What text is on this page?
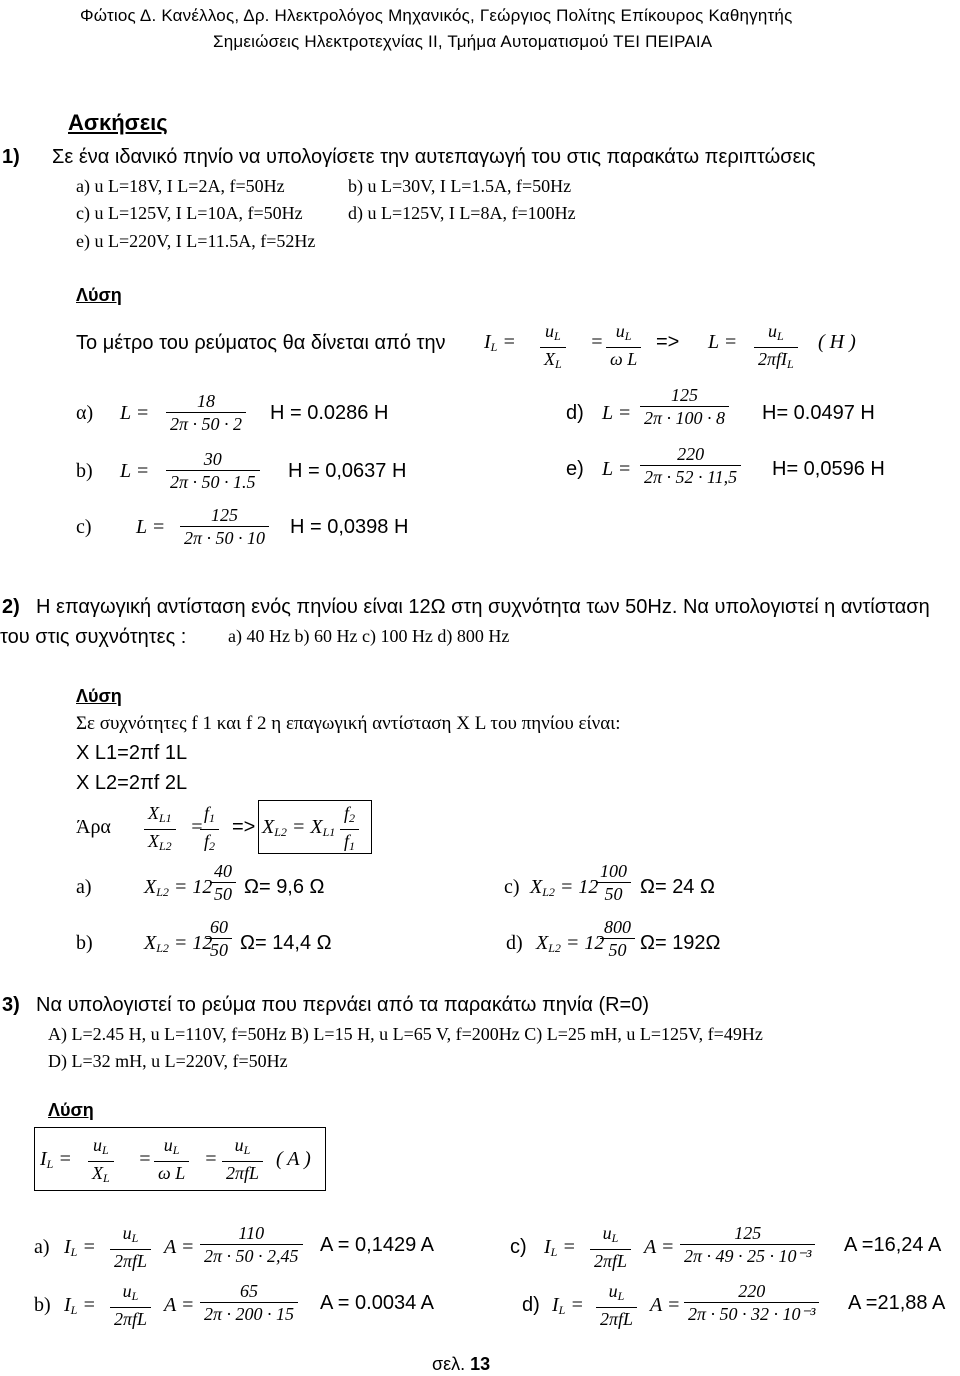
Φώτιος Δ. Κανέλλος, Δρ. Ηλεκτρολόγος Μηχανικός, Γεώργιος Πολίτης Επίκουρος Καθηγητής
Σημειώσεις Ηλεκτροτεχνίας ΙΙ, Τμήμα Αυτοματισμού ΤΕΙ ΠΕΙΡΑΙΑ
Ασκήσεις
1) Σε ένα ιδανικό πηνίο να υπολογίσετε την αυτεπαγωγή του στις παρακάτω περιπτώσεις
a) u L=18V, I L=2A, f=50Hz	b) u L=30V, I L=1.5A, f=50Hz
c) u L=125V, I L=10A, f=50Hz	d) u L=125V, I L=8A, f=100Hz
e) u L=220V, I L=11.5A, f=52Hz
Λύση
Το μέτρο του ρεύματος θα δίνεται από την $I_L = u_L$
$X_L$
= $u_L$
ω L
=> $L = u_L$
2πfI$_L$
( H )
α) L =
18
2π · 50 · 2 H = 0.0286 H
b) L =
30
2π · 50 · 1.5 H = 0,0637 H
c) L =
125
2π · 50 · 10 H = 0,0398 H
d) L =
125
2π · 100 · 8 H= 0.0497 H
e) L =
220
2π · 52 · 11,5 H= 0,0596 H
2) Η επαγωγική αντίσταση ενός πηνίου είναι 12Ω στη συχνότητα των 50Hz. Να υπολογιστεί η αντίσταση
του στις συχνότητες : a) 40 Hz b) 60 Hz c) 100 Hz d) 800 Hz
Λύση
Σε συχνότητες f 1 και f 2 η επαγωγική αντίσταση X L του πηνίου είναι:
X L1=2πf 1L
X L2=2πf 2L
Άρα
$X_{L1}$
$X_{L2}$
=
$f_1$
$f_2$
=> $X_{L2} = X_{L1}$
$f_2$
$f_1$
a)	$X_{L2} = 12$
40
50 Ω= 9,6 Ω
b)	$X_{L2} = 12$
60
50 Ω= 14,4 Ω
c) $X_{L2} = 12$
100
50 Ω= 24 Ω
d) $X_{L2} = 12$
800
50 Ω= 192Ω
3) Να υπολογιστεί το ρεύμα που περνάει από τα παρακάτω πηνία (R=0)
A) L=2.45 H, u L=110V, f=50Hz B) L=15 H, u L=65 V, f=200Hz C) L=25 mH, u L=125V, f=49Hz
D) L=32 mH, u L=220V, f=50Hz
Λύση
$I_L$ =
$u_L$
$X_L$
=
$u_L$
ω L
=
$u_L$
2πfL
( A )
a) $I_L$ =
$u_L$
2πfL
A =
110
2π · 50 · 2,45 A = 0,1429 A
b) $I_L$ =
$u_L$
2πfL
A =
65
2π · 200 · 15 A = 0.0034 A
c) $I_L$ =
$u_L$
2πfL
A =
125
2π · 49 · 25 · 10⁻³ A =16,24 A
d) $I_L$ =
$u_L$
2πfL
A =
220
2π · 50 · 32 · 10⁻³ A =21,88 A
σελ. 13
